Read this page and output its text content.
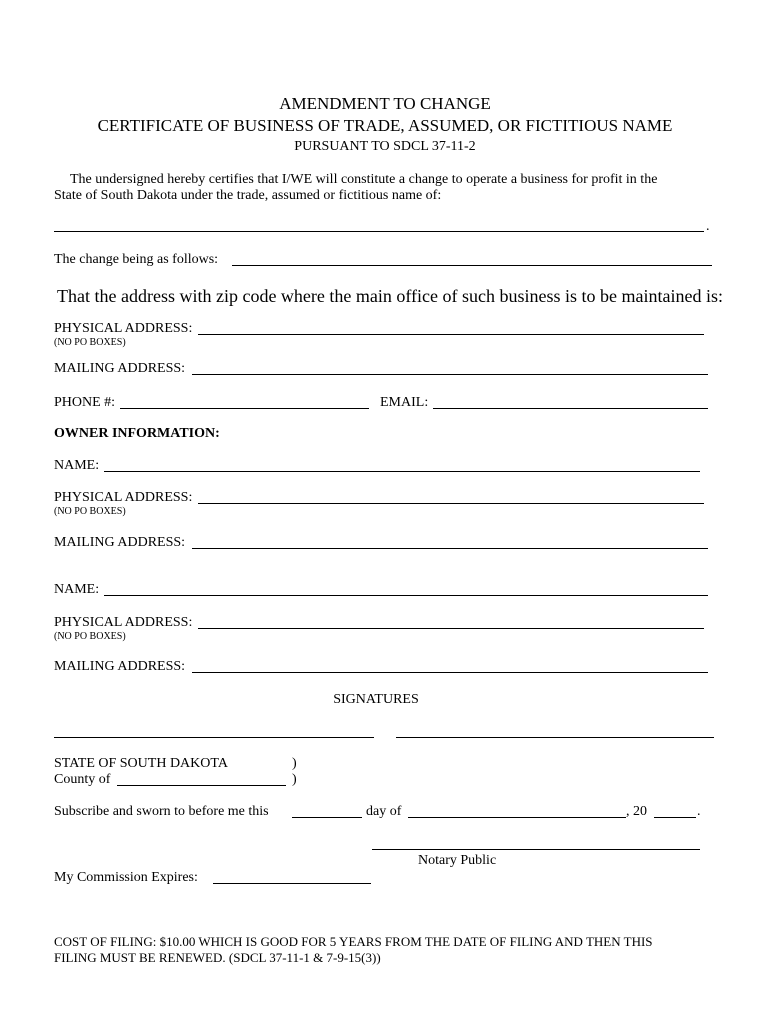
AMENDMENT TO CHANGE
CERTIFICATE OF BUSINESS OF TRADE, ASSUMED, OR FICTITIOUS NAME
PURSUANT TO SDCL 37-11-2
The undersigned hereby certifies that I/WE will constitute a change to operate a business for profit in the
State of South Dakota under the trade, assumed or fictitious name of:
.
The change being as follows:
That the address with zip code where the main office of such business is to be maintained is:
PHYSICAL ADDRESS:
(NO PO BOXES)
MAILING ADDRESS:
PHONE #:	EMAIL:
OWNER INFORMATION:
NAME:
PHYSICAL ADDRESS:
(NO PO BOXES)
MAILING ADDRESS:
NAME:
PHYSICAL ADDRESS:
(NO PO BOXES)
MAILING ADDRESS:
SIGNATURES
STATE OF SOUTH DAKOTA	)
County of	)
Subscribe and sworn to before me this	day of	, 20	.
Notary Public
My Commission Expires:
COST OF FILING: $10.00 WHICH IS GOOD FOR 5 YEARS FROM THE DATE OF FILING AND THEN THIS
FILING MUST BE RENEWED. (SDCL 37-11-1 & 7-9-15(3))
